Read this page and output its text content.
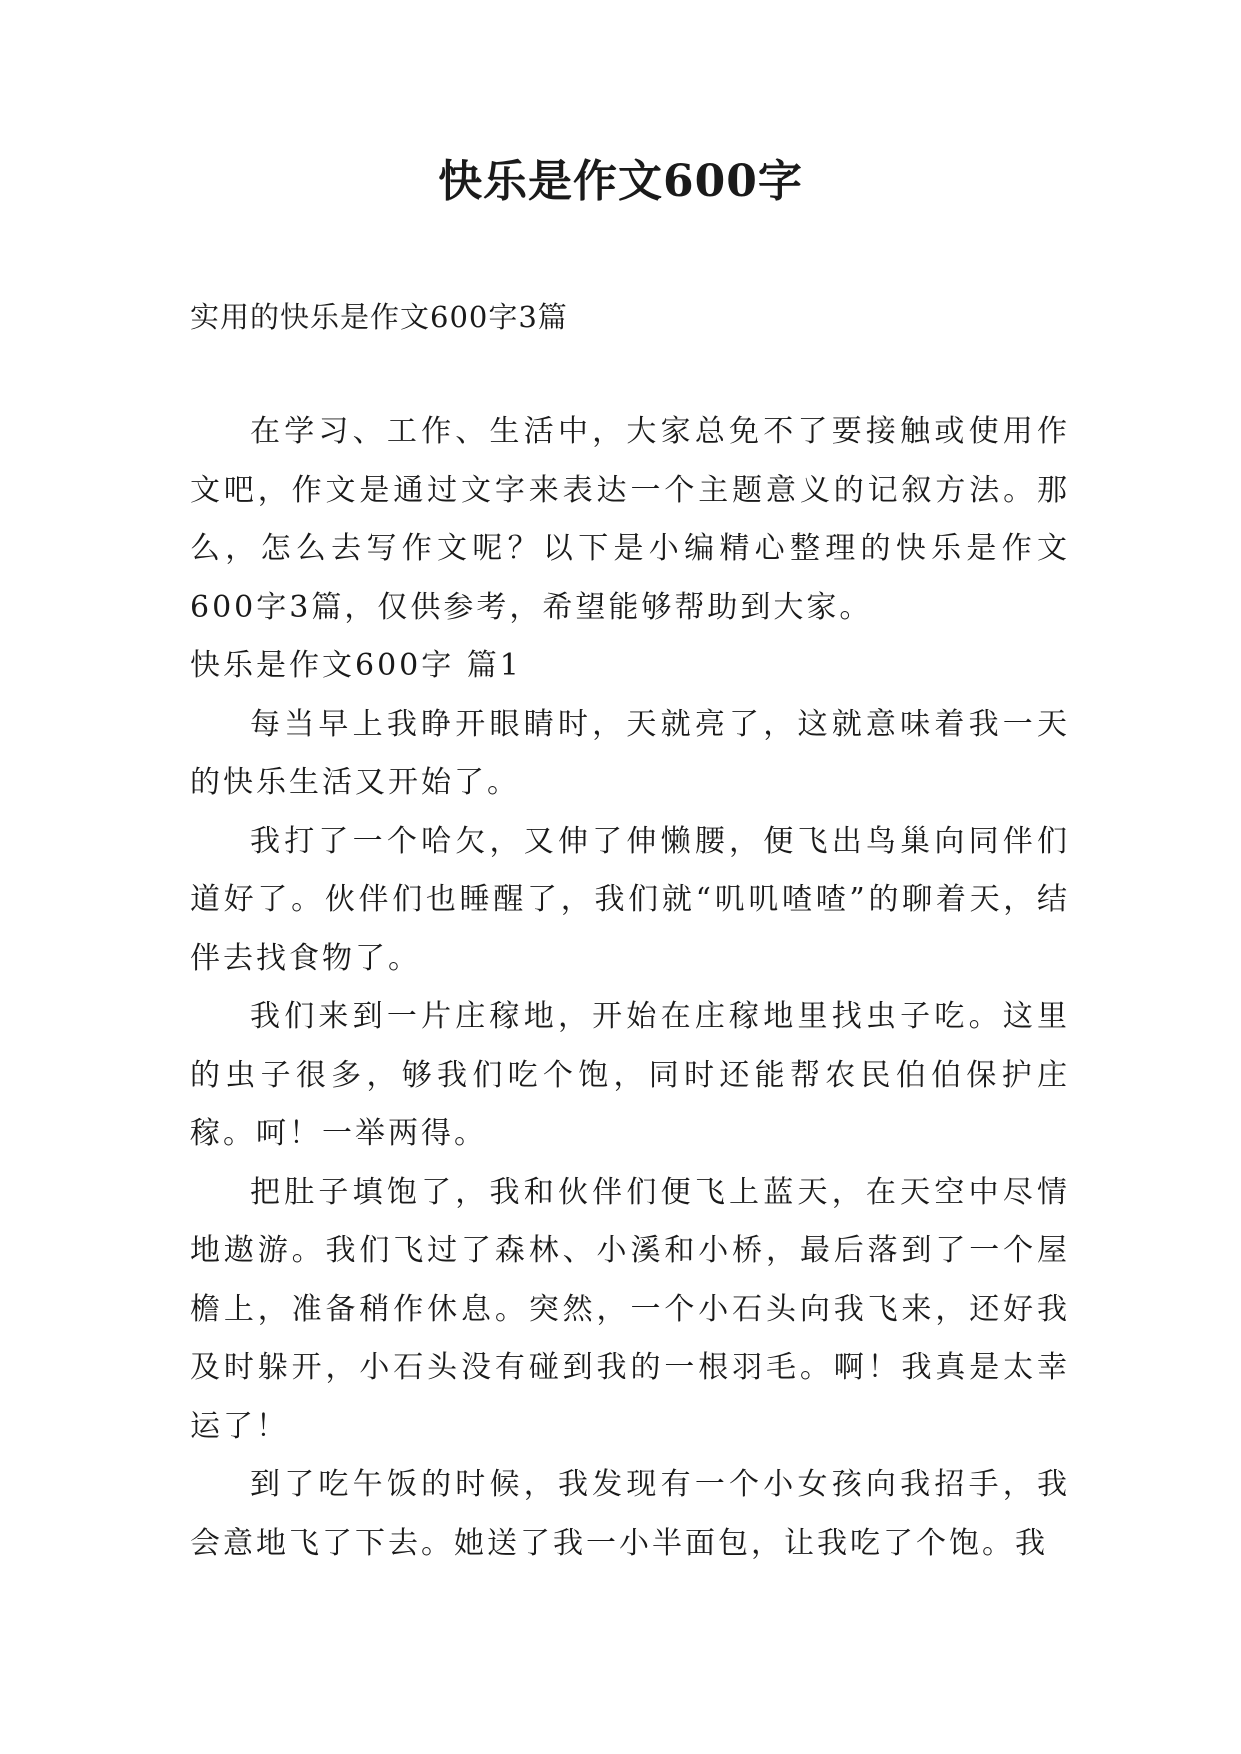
快乐是作文600字
实用的快乐是作文600字3篇

在学习、工作、生活中，大家总免不了要接触或使用作文吧，作文是通过文字来表达一个主题意义的记叙方法。那么，怎么去写作文呢？以下是小编精心整理的快乐是作文600字3篇，仅供参考，希望能够帮助到大家。

快乐是作文600字 篇1

每当早上我睁开眼睛时，天就亮了，这就意味着我一天的快乐生活又开始了。

我打了一个哈欠，又伸了伸懒腰，便飞出鸟巢向同伴们道好了。伙伴们也睡醒了，我们就“叽叽喳喳”的聊着天，结伴去找食物了。

我们来到一片庄稼地，开始在庄稼地里找虫子吃。这里的虫子很多，够我们吃个饱，同时还能帮农民伯伯保护庄稼。呵！一举两得。

把肚子填饱了，我和伙伴们便飞上蓝天，在天空中尽情地遨游。我们飞过了森林、小溪和小桥，最后落到了一个屋檐上，准备稍作休息。突然，一个小石头向我飞来，还好我及时躲开，小石头没有碰到我的一根羽毛。啊！我真是太幸运了！

到了吃午饭的时候，我发现有一个小女孩向我招手，我会意地飞了下去。她送了我一小半面包，让我吃了个饱。我
